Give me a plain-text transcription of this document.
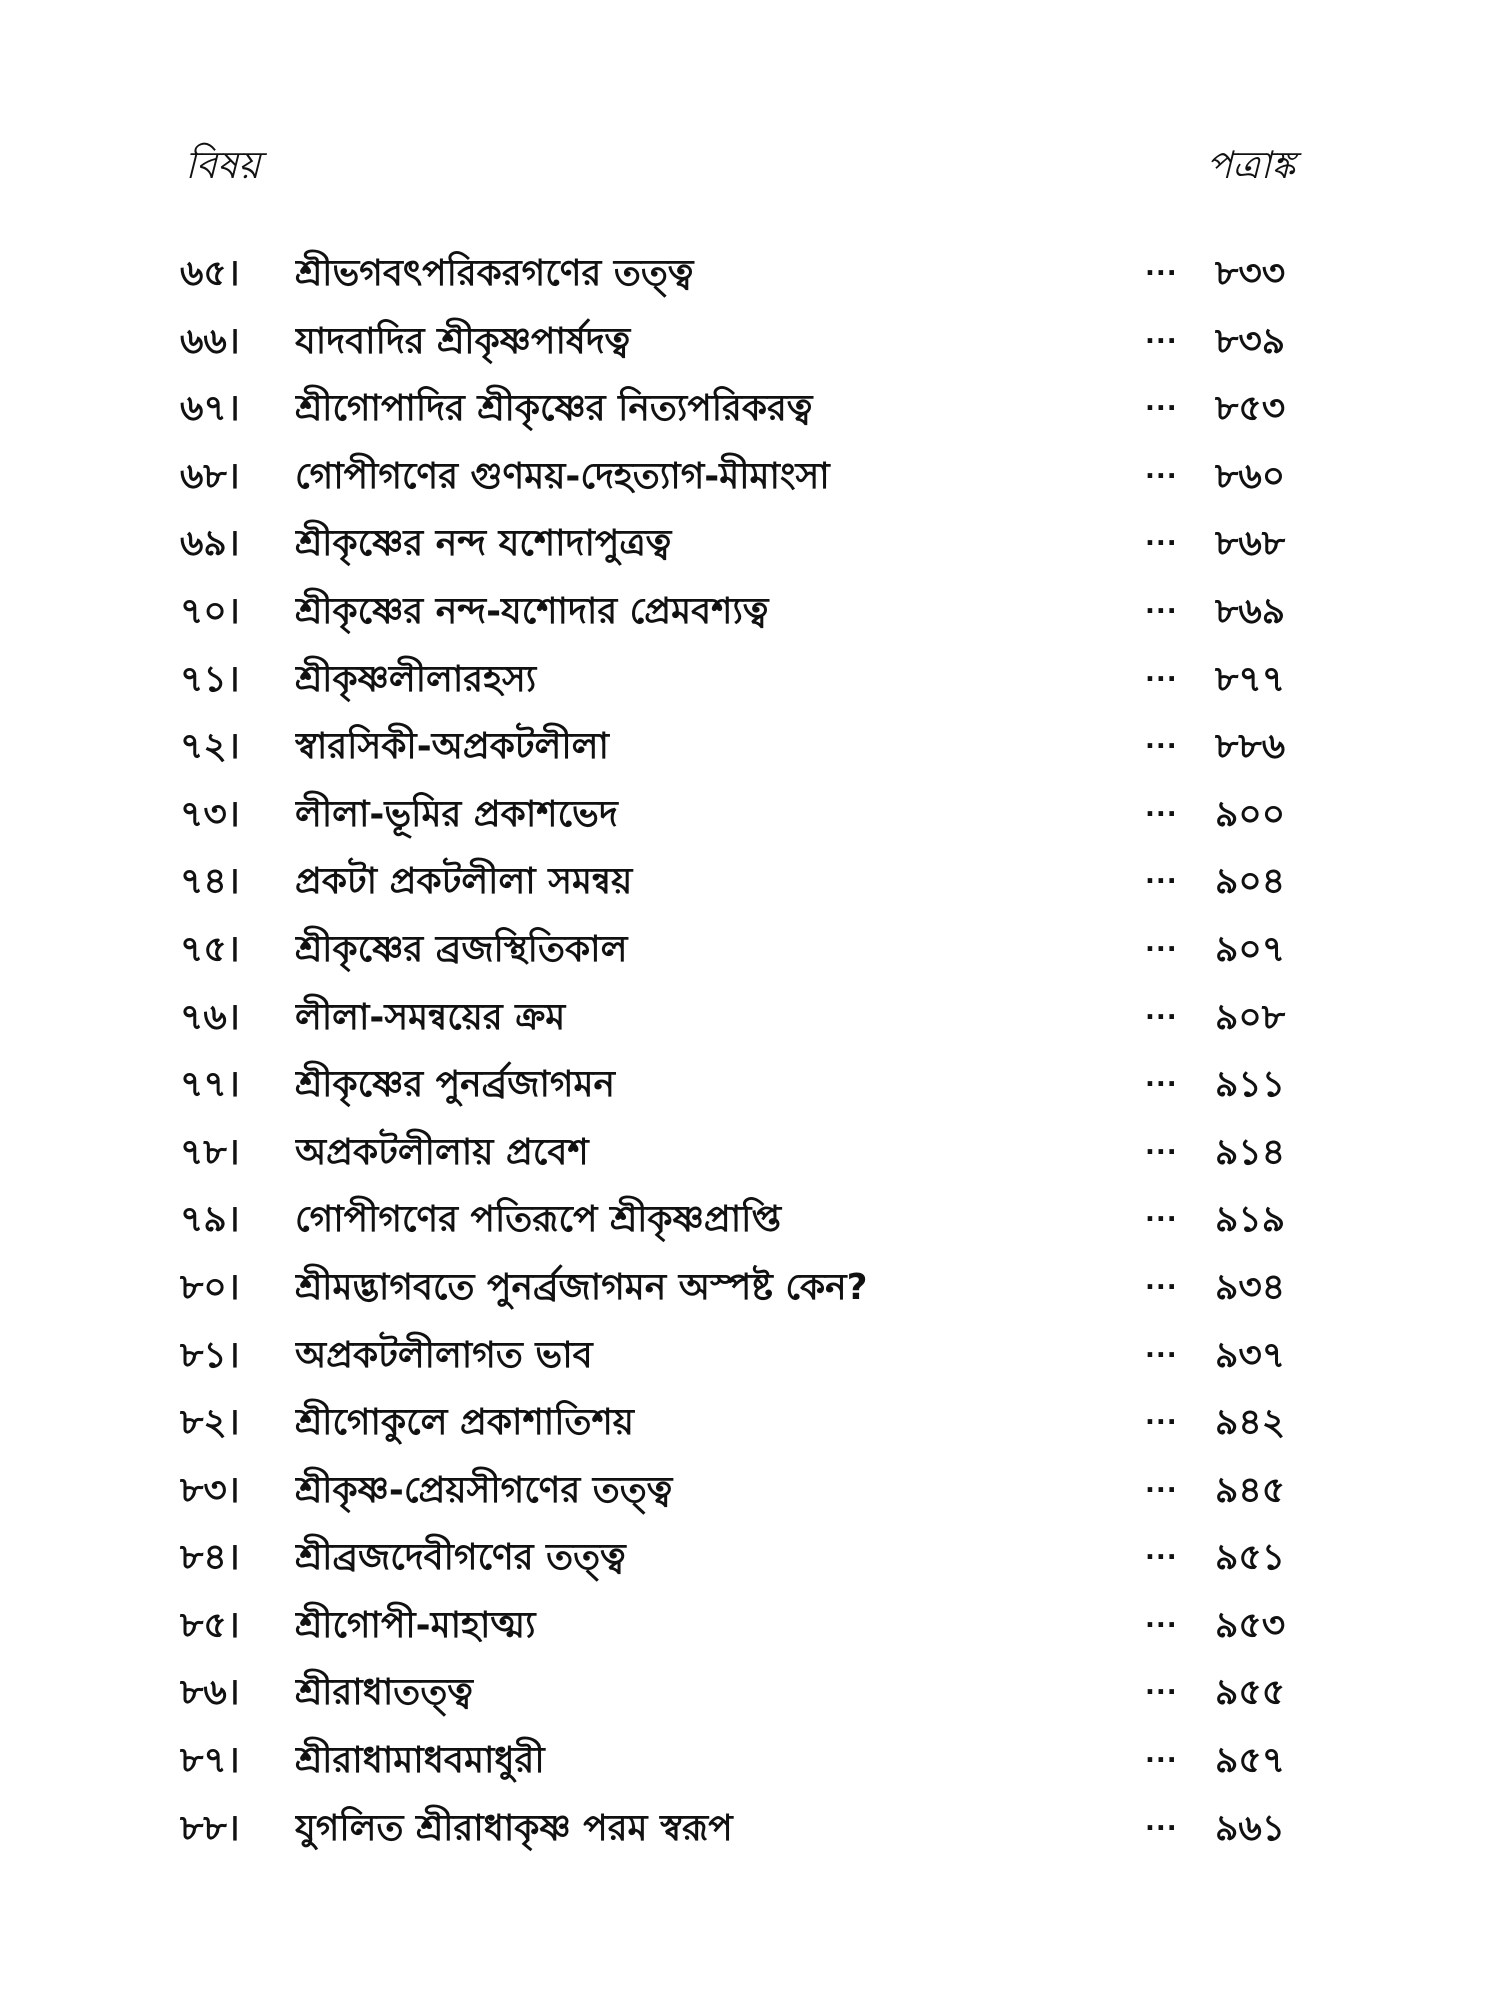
বিষয়	পত্রাঙ্ক
৬৫।	শ্রীভগবৎপরিকরগণের তত্ত্ব	... ৮৩৩
৬৬।	যাদবাদির শ্রীকৃষ্ণপার্ষদত্ব	... ৮৩৯
৬৭।	শ্রীগোপাদির শ্রীকৃষ্ণের নিত্যপরিকরত্ব	... ৮৫৩
৬৮।	গোপীগণের গুণময়-দেহত্যাগ-মীমাংসা	... ৮৬০
৬৯।	শ্রীকৃষ্ণের নন্দ যশোদাপুত্রত্ব	... ৮৬৮
৭০।	শ্রীকৃষ্ণের নন্দ-যশোদার প্রেমবশ্যত্ব	... ৮৬৯
৭১।	শ্রীকৃষ্ণলীলারহস্য	... ৮৭৭
৭২।	স্বারসিকী-অপ্রকটলীলা	... ৮৮৬
৭৩।	লীলা-ভূমির প্রকাশভেদ	... ৯০০
৭৪।	প্রকটা প্রকটলীলা সমন্বয়	... ৯০৪
৭৫।	শ্রীকৃষ্ণের ব্রজস্থিতিকাল	... ৯০৭
৭৬।	লীলা-সমন্বয়ের ক্রম	... ৯০৮
৭৭।	শ্রীকৃষ্ণের পুনর্ব্রজাগমন	... ৯১১
৭৮।	অপ্রকটলীলায় প্রবেশ	... ৯১৪
৭৯।	গোপীগণের পতিরূপে শ্রীকৃষ্ণপ্রাপ্তি	... ৯১৯
৮০।	শ্রীমদ্ভাগবতে পুনর্ব্রজাগমন অস্পষ্ট কেন?	... ৯৩৪
৮১।	অপ্রকটলীলাগত ভাব	... ৯৩৭
৮২।	শ্রীগোকুলে প্রকাশাতিশয়	... ৯৪২
৮৩।	শ্রীকৃষ্ণ-প্রেয়সীগণের তত্ত্ব	... ৯৪৫
৮৪।	শ্রীব্রজদেবীগণের তত্ত্ব	... ৯৫১
৮৫।	শ্রীগোপী-মাহাত্ম্য	... ৯৫৩
৮৬।	শ্রীরাধাতত্ত্ব	... ৯৫৫
৮৭।	শ্রীরাধামাধবমাধুরী	... ৯৫৭
৮৮।	যুগলিত শ্রীরাধাকৃষ্ণ পরম স্বরূপ	... ৯৬১
